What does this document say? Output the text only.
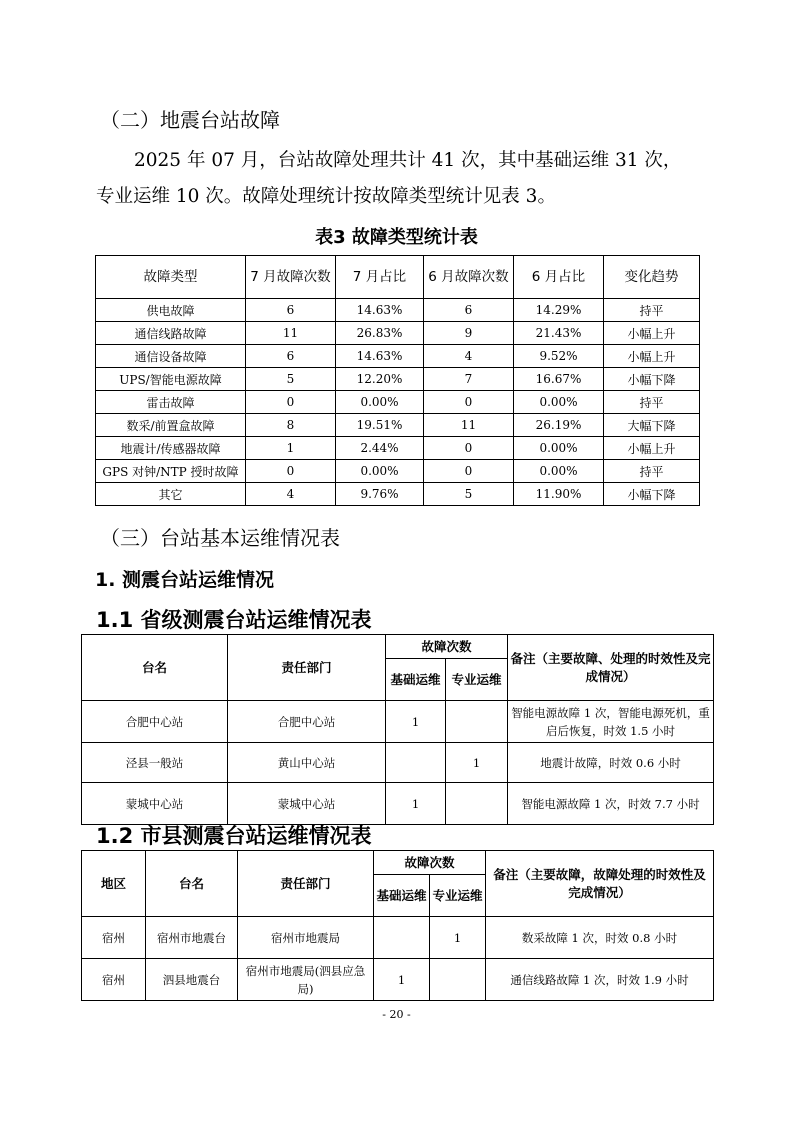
（二）地震台站故障
2025 年 07 月，台站故障处理共计 41 次，其中基础运维 31 次，专业运维 10 次。故障处理统计按故障类型统计见表 3。
表3 故障类型统计表
故障类型	7 月故障次数	7 月占比	6 月故障次数	6 月占比	变化趋势
供电故障	6	14.63%	6	14.29%	持平
通信线路故障	11	26.83%	9	21.43%	小幅上升
通信设备故障	6	14.63%	4	9.52%	小幅上升
UPS/智能电源故障	5	12.20%	7	16.67%	小幅下降
雷击故障	0	0.00%	0	0.00%	持平
数采/前置盒故障	8	19.51%	11	26.19%	大幅下降
地震计/传感器故障	1	2.44%	0	0.00%	小幅上升
GPS 对钟/NTP 授时故障	0	0.00%	0	0.00%	持平
其它	4	9.76%	5	11.90%	小幅下降
（三）台站基本运维情况表
1. 测震台站运维情况
1.1 省级测震台站运维情况表
台名	责任部门	故障次数		备注（主要故障、处理的时效性及完成情况）
		基础运维	专业运维	
合肥中心站	合肥中心站	1		智能电源故障 1 次，智能电源死机，重启后恢复，时效 1.5 小时
泾县一般站	黄山中心站		1	地震计故障，时效 0.6 小时
蒙城中心站	蒙城中心站	1		智能电源故障 1 次，时效 7.7 小时
1.2 市县测震台站运维情况表
地区	台名	责任部门	故障次数		备注（主要故障，故障处理的时效性及完成情况）
			基础运维	专业运维	
宿州	宿州市地震台	宿州市地震局		1	数采故障 1 次，时效 0.8 小时
宿州	泗县地震台	宿州市地震局(泗县应急局)	1		通信线路故障 1 次，时效 1.9 小时
- 20 -
